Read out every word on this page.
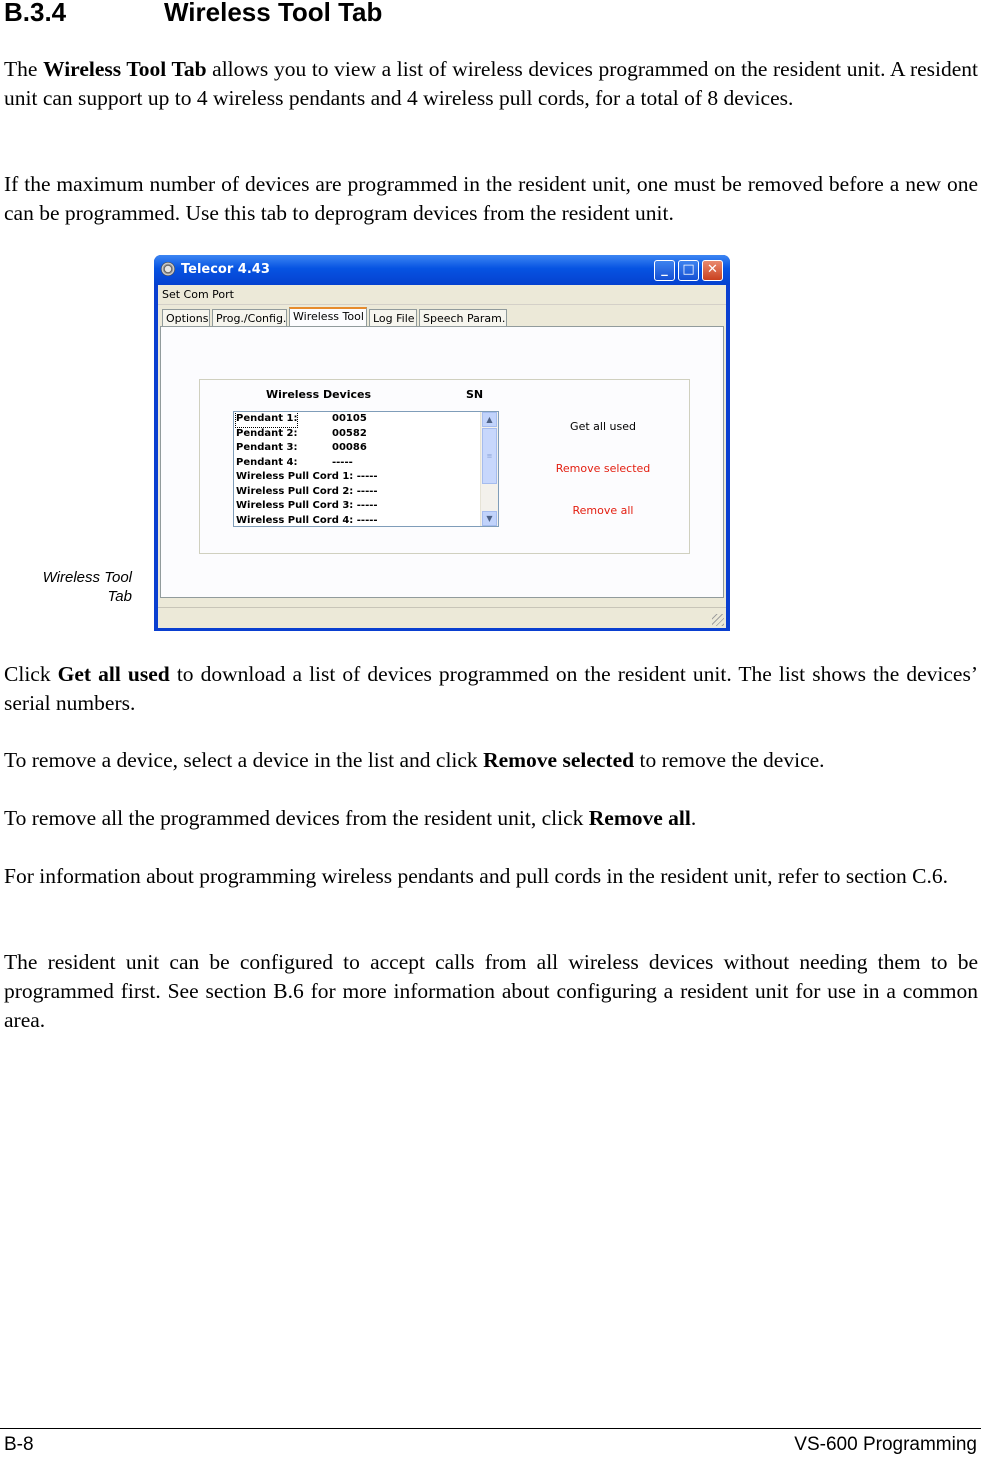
B.3.4	Wireless Tool Tab

The Wireless Tool Tab allows you to view a list of wireless devices programmed on the resident unit. A resident unit can support up to 4 wireless pendants and 4 wireless pull cords, for a total of 8 devices.

If the maximum number of devices are programmed in the resident unit, one must be removed before a new one can be programmed. Use this tab to deprogram devices from the resident unit.

Wireless Tool
Tab
Telecor 4.43	_	□ ✕
Set Com Port
Options Prog./Config. Wireless Tool Log File Speech Param.
Wireless Devices	SN
Pendant 1:	00105
Pendant 2:	00582
Pendant 3:	00086
Pendant 4:	-----
Wireless Pull Cord 1: -----
Wireless Pull Cord 2: -----
Wireless Pull Cord 3: -----
Wireless Pull Cord 4: -----
▲
≡
▼
Get all used
Remove selected
Remove all

Click Get all used to download a list of devices programmed on the resident unit. The list shows the devices’ serial numbers.

To remove a device, select a device in the list and click Remove selected to remove the device.

To remove all the programmed devices from the resident unit, click Remove all.

For information about programming wireless pendants and pull cords in the resident unit, refer to section C.6.

The resident unit can be configured to accept calls from all wireless devices without needing them to be programmed first. See section B.6 for more information about configuring a resident unit for use in a common area.

B-8	VS-600 Programming
